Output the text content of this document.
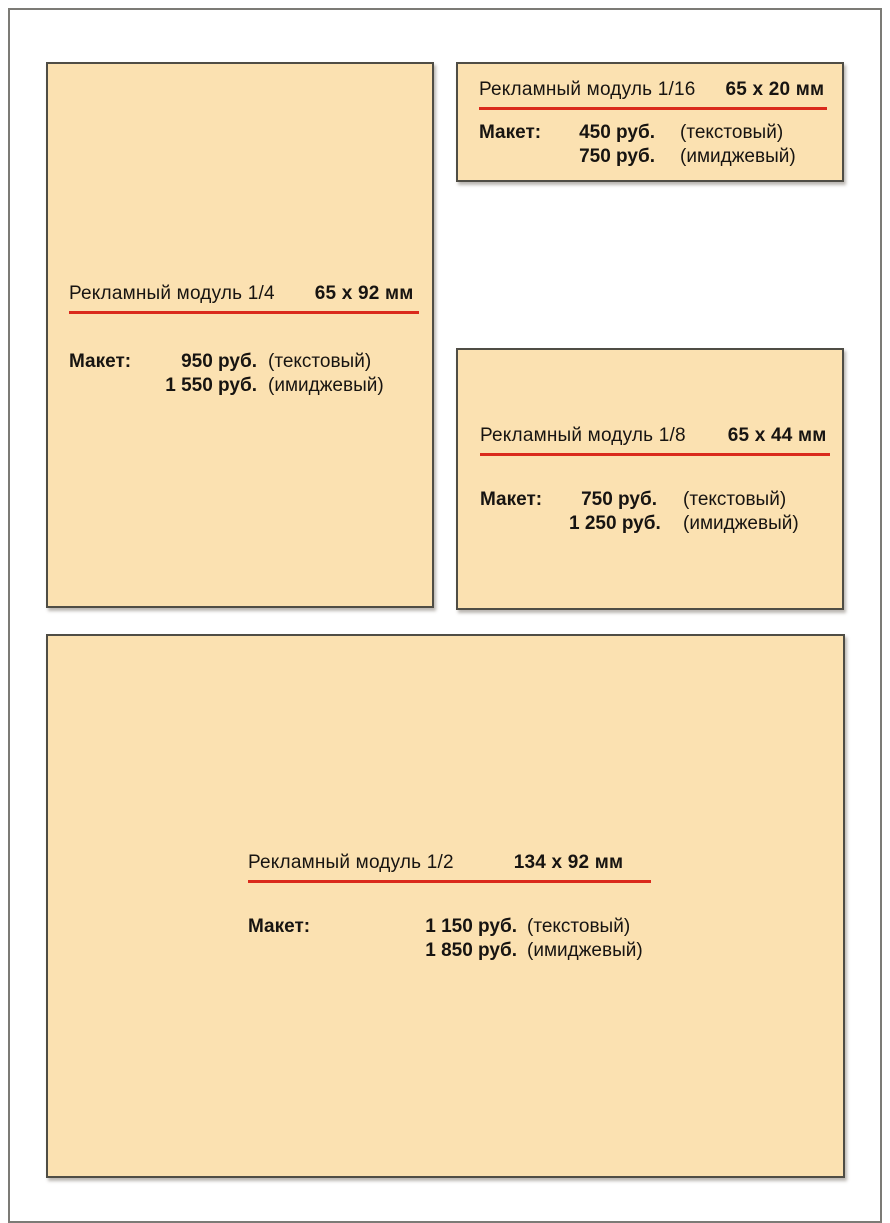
Рекламный модуль 1/4 65 x 92 мм
Макет:	950 руб. (текстовый)
1 550 руб. (имиджевый)
Рекламный модуль 1/16 65 x 20 мм
Макет:	450 руб.	(текстовый)
750 руб.	(имиджевый)
Рекламный модуль 1/8 65 x 44 мм
Макет:	750 руб.	(текстовый)
1 250 руб.	(имиджевый)
Рекламный модуль 1/2	134 x 92 мм
Макет:	1 150 руб. (текстовый)
1 850 руб. (имиджевый)
